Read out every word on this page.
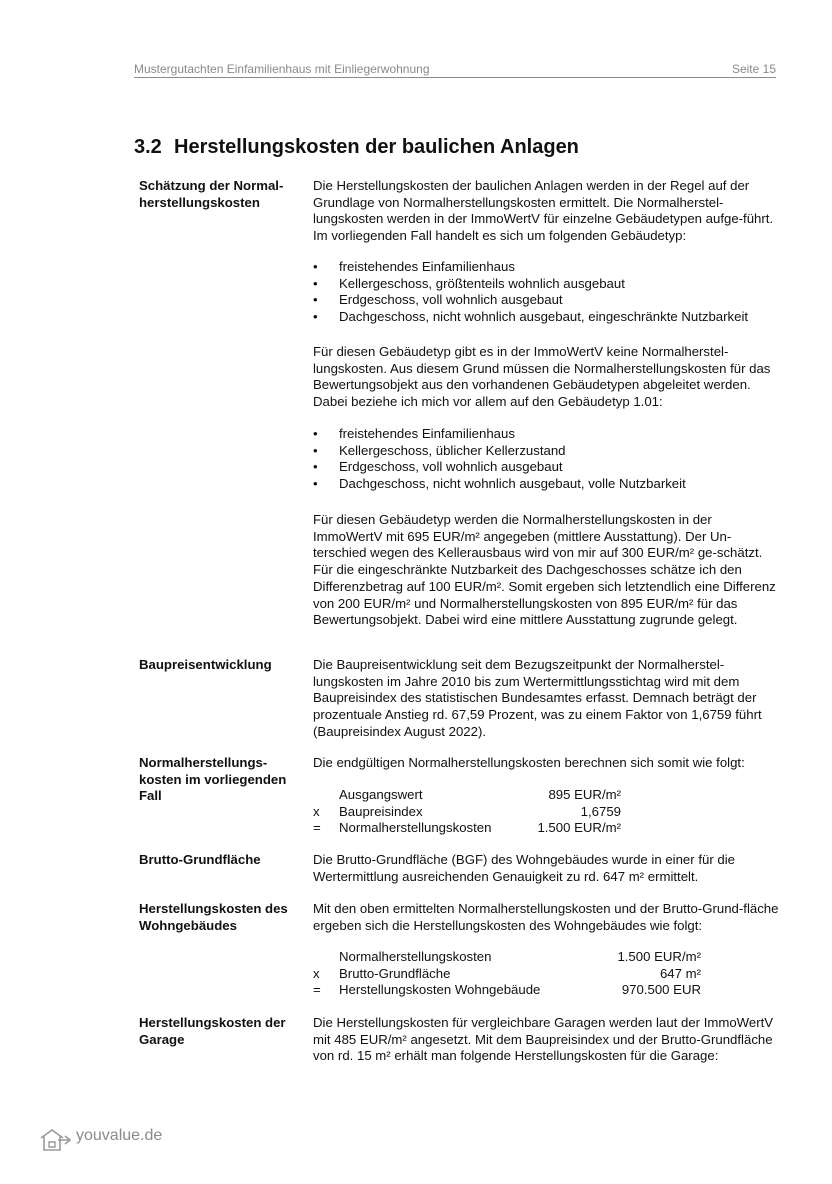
Mustergutachten Einfamilienhaus mit Einliegerwohnung	Seite 15
3.2 Herstellungskosten der baulichen Anlagen
Schätzung der Normal-
herstellungskosten

Die Herstellungskosten der baulichen Anlagen werden in der Regel auf der Grundlage von Normalherstellungskosten ermittelt. Die Normalherstel-lungskosten werden in der ImmoWertV für einzelne Gebäudetypen aufge-führt. Im vorliegenden Fall handelt es sich um folgenden Gebäudetyp:

• freistehendes Einfamilienhaus
• Kellergeschoss, größtenteils wohnlich ausgebaut
• Erdgeschoss, voll wohnlich ausgebaut
• Dachgeschoss, nicht wohnlich ausgebaut, eingeschränkte Nutzbarkeit

Für diesen Gebäudetyp gibt es in der ImmoWertV keine Normalherstel-lungskosten. Aus diesem Grund müssen die Normalherstellungskosten für das Bewertungsobjekt aus den vorhandenen Gebäudetypen abgeleitet werden. Dabei beziehe ich mich vor allem auf den Gebäudetyp 1.01:

• freistehendes Einfamilienhaus
• Kellergeschoss, üblicher Kellerzustand
• Erdgeschoss, voll wohnlich ausgebaut
• Dachgeschoss, nicht wohnlich ausgebaut, volle Nutzbarkeit

Für diesen Gebäudetyp werden die Normalherstellungskosten in der ImmoWertV mit 695 EUR/m² angegeben (mittlere Ausstattung). Der Un-terschied wegen des Kellerausbaus wird von mir auf 300 EUR/m² ge-schätzt. Für die eingeschränkte Nutzbarkeit des Dachgeschosses schätze ich den Differenzbetrag auf 100 EUR/m². Somit ergeben sich letztendlich eine Differenz von 200 EUR/m² und Normalherstellungskosten von 895 EUR/m² für das Bewertungsobjekt. Dabei wird eine mittlere Ausstattung zugrunde gelegt.

Baupreisentwicklung	Die Baupreisentwicklung seit dem Bezugszeitpunkt der Normalherstel-lungskosten im Jahre 2010 bis zum Wertermittlungsstichtag wird mit dem Baupreisindex des statistischen Bundesamtes erfasst. Demnach beträgt der prozentuale Anstieg rd. 67,59 Prozent, was zu einem Faktor von 1,6759 führt (Baupreisindex August 2022).

Normalherstellungs-
kosten im vorliegenden
Fall

Die endgültigen Normalherstellungskosten berechnen sich somit wie folgt:

Ausgangswert	895 EUR/m²
x Baupreisindex	1,6759
= Normalherstellungskosten	1.500 EUR/m²
Brutto-Grundfläche	Die Brutto-Grundfläche (BGF) des Wohngebäudes wurde in einer für die Wertermittlung ausreichenden Genauigkeit zu rd. 647 m² ermittelt.

Herstellungskosten des
Wohngebäudes

Mit den oben ermittelten Normalherstellungskosten und der Brutto-Grund-fläche ergeben sich die Herstellungskosten des Wohngebäudes wie folgt:

Normalherstellungskosten	1.500 EUR/m²
x Brutto-Grundfläche	647 m²
= Herstellungskosten Wohngebäude	970.500 EUR
Herstellungskosten der
Garage

Die Herstellungskosten für vergleichbare Garagen werden laut der ImmoWertV mit 485 EUR/m² angesetzt. Mit dem Baupreisindex und der Brutto-Grundfläche von rd. 15 m² erhält man folgende Herstellungskosten für die Garage:

youvalue.de
